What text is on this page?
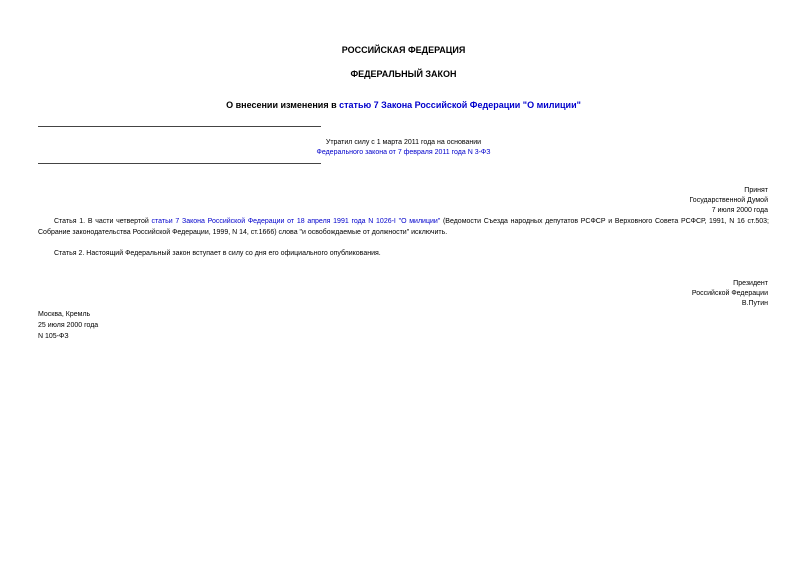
РОССИЙСКАЯ ФЕДЕРАЦИЯ
ФЕДЕРАЛЬНЫЙ ЗАКОН
О внесении изменения в статью 7 Закона Российской Федерации "О милиции"
Утратил силу с 1 марта 2011 года на основании
Федерального закона от 7 февраля 2011 года N 3-ФЗ
Принят
Государственной Думой
7 июля 2000 года
Статья 1. В части четвертой статьи 7 Закона Российской Федерации от 18 апреля 1991 года N 1026-I "О милиции" (Ведомости Съезда народных депутатов РСФСР и Верховного Совета РСФСР, 1991, N 16 ст.503; Собрание законодательства Российской Федерации, 1999, N 14, ст.1666) слова "и освобождаемые от должности" исключить.
Статья 2. Настоящий Федеральный закон вступает в силу со дня его официального опубликования.
Президент
Российской Федерации
В.Путин
Москва, Кремль
25 июля 2000 года
N 105-ФЗ
